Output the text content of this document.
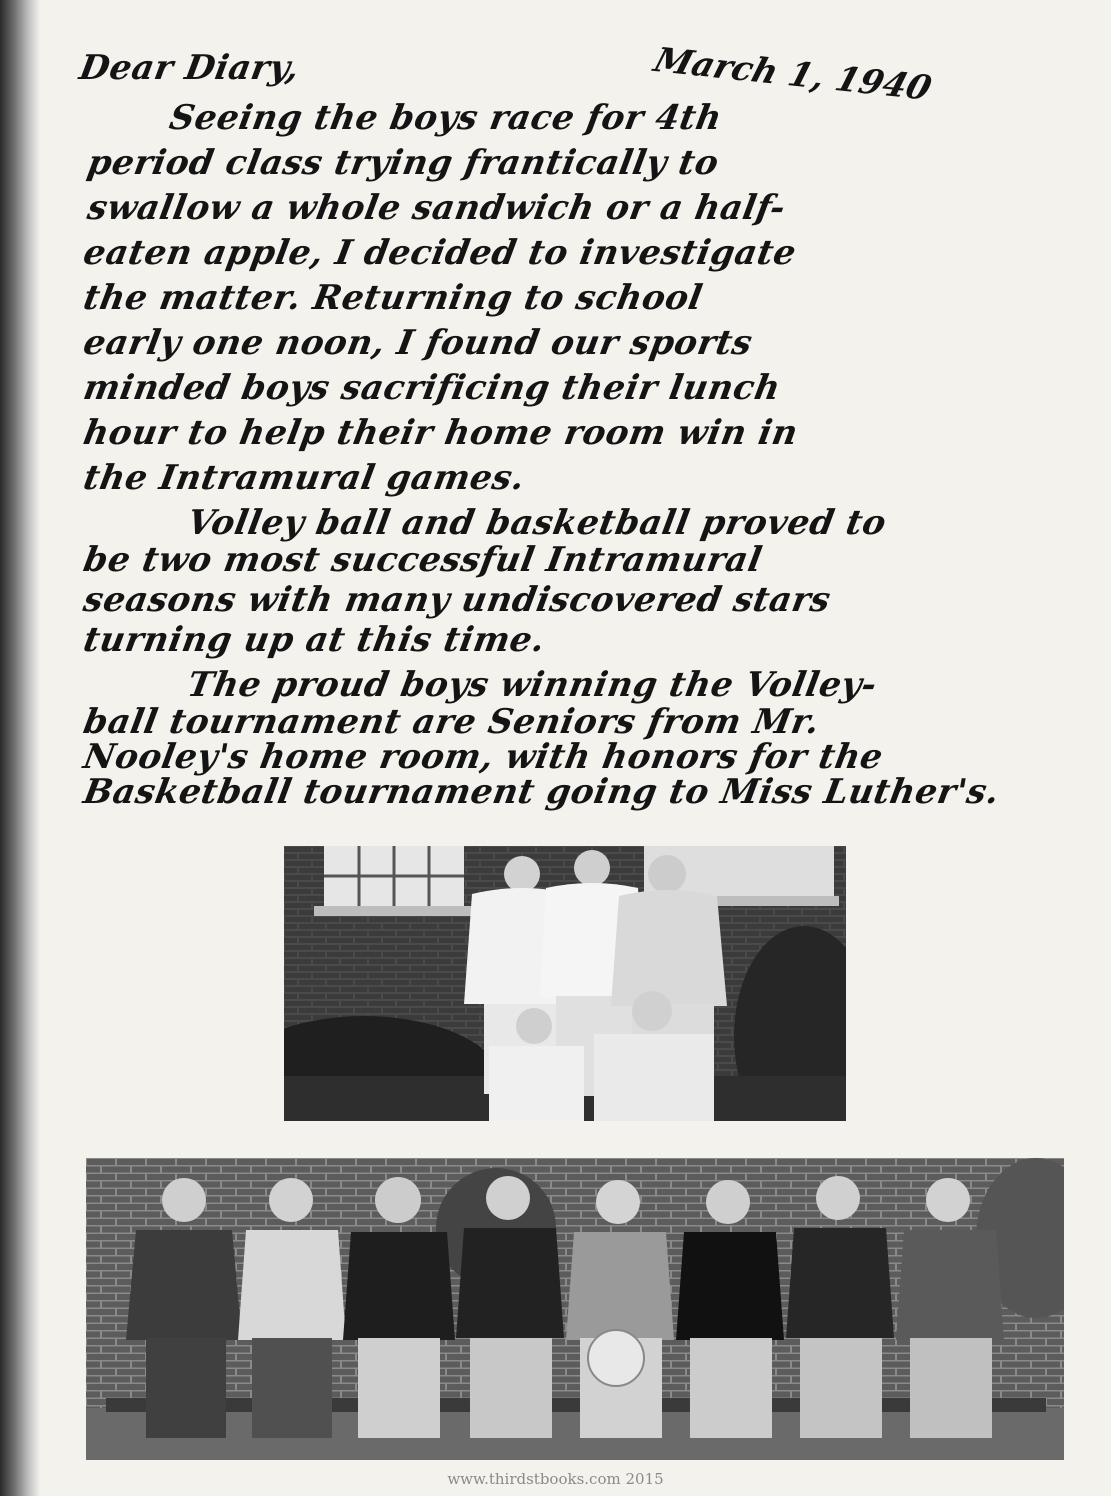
March 1, 1940

Dear Diary,

Seeing the boys race for 4th

period class trying frantically to

swallow a whole sandwich or a half-

eaten apple, I decided to investigate

the matter. Returning to school

early one noon, I found our sports

minded boys sacrificing their lunch

hour to help their home room win in

the Intramural games.

Volley ball and basketball proved to

be two most successful Intramural

seasons with many undiscovered stars

turning up at this time.

The proud boys winning the Volley-

ball tournament are Seniors from Mr.

Nooley's home room, with honors for the

Basketball tournament going to Miss Luther's.

www.thirdstbooks.com 2015
